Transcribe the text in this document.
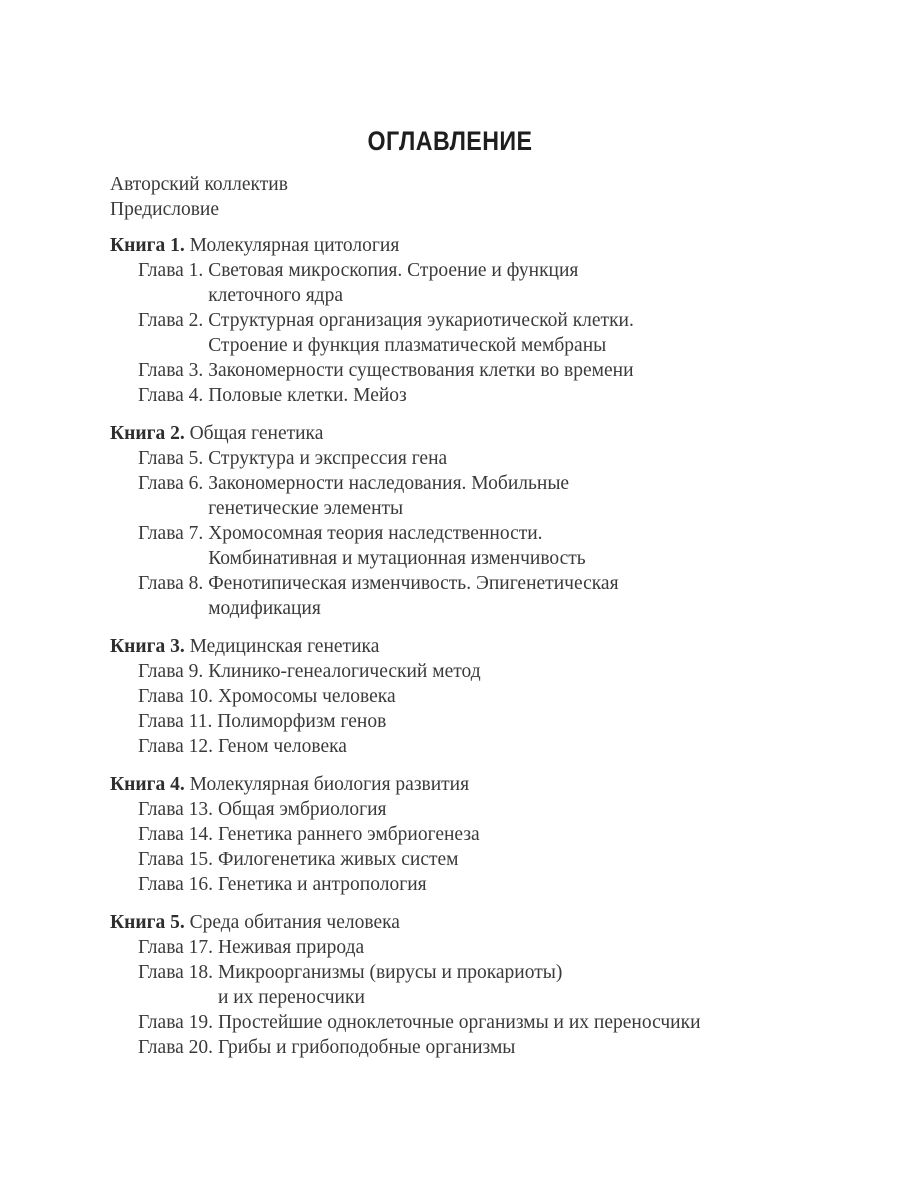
ОГЛАВЛЕНИЕ
Авторский коллектив
Предисловие
Книга 1. Молекулярная цитология
Глава 1.
Световая микроскопия. Строение и функция
клеточного ядра
Глава 2.
Структурная организация эукариотической клетки.
Строение и функция плазматической мембраны
Глава 3.
Закономерности существования клетки во времени
Глава 4.
Половые клетки. Мейоз
Книга 2. Общая генетика
Глава 5.
Структура и экспрессия гена
Глава 6.
Закономерности наследования. Мобильные
генетические элементы
Глава 7.
Хромосомная теория наследственности.
Комбинативная и мутационная изменчивость
Глава 8.
Фенотипическая изменчивость. Эпигенетическая
модификация
Книга 3. Медицинская генетика
Глава 9.
Клинико-генеалогический метод
Глава 10.
Хромосомы человека
Глава 11.
Полиморфизм генов
Глава 12.
Геном человека
Книга 4. Молекулярная биология развития
Глава 13.
Общая эмбриология
Глава 14.
Генетика раннего эмбриогенеза
Глава 15.
Филогенетика живых систем
Глава 16.
Генетика и антропология
Книга 5. Среда обитания человека
Глава 17.
Неживая природа
Глава 18.
Микроорганизмы (вирусы и прокариоты)
и их переносчики
Глава 19.
Простейшие одноклеточные организмы и их переносчики
Глава 20.
Грибы и грибоподобные организмы
